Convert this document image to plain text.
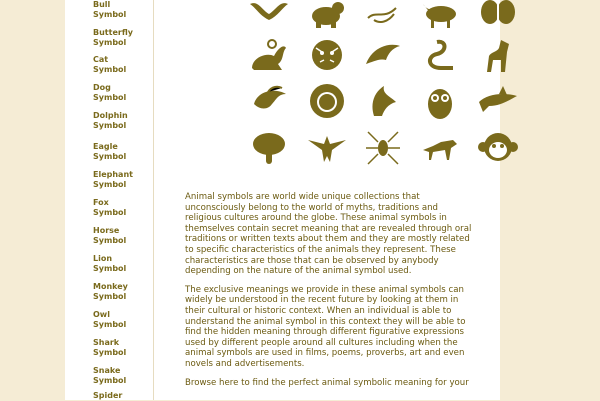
Bull
Symbol
Butterfly
Symbol
Cat
Symbol
Dog
Symbol
Dolphin
Symbol
Eagle
Symbol
Elephant
Symbol
Fox
Symbol
Horse
Symbol
Lion
Symbol
Monkey
Symbol
Owl
Symbol
Shark
Symbol
Snake
Symbol
Spider

Animal symbols are world wide unique collections that unconsciously belong to the world of myths, traditions and religious cultures around the globe. These animal symbols in themselves contain secret meaning that are revealed through oral traditions or written texts about them and they are mostly related to specific characteristics of the animals they represent. These characteristics are those that can be observed by anybody depending on the nature of the animal symbol used.

The exclusive meanings we provide in these animal symbols can widely be understood in the recent future by looking at them in their cultural or historic context. When an individual is able to understand the animal symbol in this context they will be able to find the hidden meaning through different figurative expressions used by different people around all cultures including when the animal symbols are used in films, poems, proverbs, art and even novels and advertisements.

Browse here to find the perfect animal symbolic meaning for your
